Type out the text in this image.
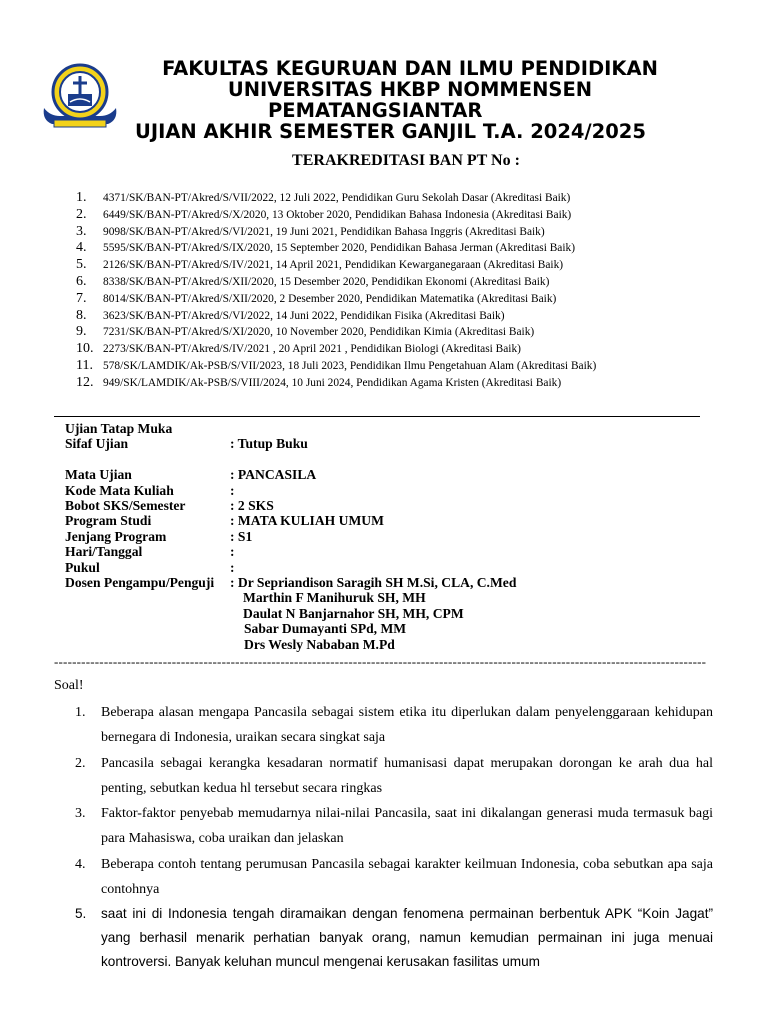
FAKULTAS KEGURUAN DAN ILMU PENDIDIKAN
UNIVERSITAS HKBP NOMMENSEN
PEMATANGSIANTAR
UJIAN AKHIR SEMESTER GANJIL T.A. 2024/2025
TERAKREDITASI BAN PT No :
1.	4371/SK/BAN-PT/Akred/S/VII/2022, 12 Juli 2022, Pendidikan Guru Sekolah Dasar (Akreditasi Baik)
2.	6449/SK/BAN-PT/Akred/S/X/2020, 13 Oktober 2020, Pendidikan Bahasa Indonesia (Akreditasi Baik)
3.	9098/SK/BAN-PT/Akred/S/VI/2021, 19 Juni 2021, Pendidikan Bahasa Inggris (Akreditasi Baik)
4.	5595/SK/BAN-PT/Akred/S/IX/2020, 15 September 2020, Pendidikan Bahasa Jerman (Akreditasi Baik)
5.	2126/SK/BAN-PT/Akred/S/IV/2021, 14 April 2021, Pendidikan Kewarganegaraan (Akreditasi Baik)
6.	8338/SK/BAN-PT/Akred/S/XII/2020, 15 Desember 2020, Pendidikan Ekonomi (Akreditasi Baik)
7.	8014/SK/BAN-PT/Akred/S/XII/2020, 2 Desember 2020, Pendidikan Matematika (Akreditasi Baik)
8.	3623/SK/BAN-PT/Akred/S/VI/2022, 14 Juni 2022, Pendidikan Fisika (Akreditasi Baik)
9.	7231/SK/BAN-PT/Akred/S/XI/2020, 10 November 2020, Pendidikan Kimia (Akreditasi Baik)
10. 2273/SK/BAN-PT/Akred/S/IV/2021 , 20 April 2021 , Pendidikan Biologi (Akreditasi Baik)
11. 578/SK/LAMDIK/Ak-PSB/S/VII/2023, 18 Juli 2023, Pendidikan Ilmu Pengetahuan Alam (Akreditasi Baik)
12. 949/SK/LAMDIK/Ak-PSB/S/VIII/2024, 10 Juni 2024, Pendidikan Agama Kristen (Akreditasi Baik)
Ujian Tatap Muka
Sifaf Ujian	: Tutup Buku
Mata Ujian	: PANCASILA
Kode Mata Kuliah	:
Bobot SKS/Semester	: 2 SKS
Program Studi	: MATA KULIAH UMUM
Jenjang Program	: S1
Hari/Tanggal	:
Pukul	:
Dosen Pengampu/Penguji	: Dr Sepriandison Saragih SH M.Si, CLA, C.Med
Marthin F Manihuruk SH, MH
Daulat N Banjarnahor SH, MH, CPM
Sabar Dumayanti SPd, MM
Drs Wesly Nababan M.Pd
------------------------------------------------------------------------------------------------------------------------------------------------
Soal!
1.	Beberapa alasan mengapa Pancasila sebagai sistem etika itu diperlukan dalam penyelenggaraan kehidupan bernegara di Indonesia, uraikan secara singkat saja
2.	Pancasila sebagai kerangka kesadaran normatif humanisasi dapat merupakan dorongan ke arah dua hal penting, sebutkan kedua hl tersebut secara ringkas
3.	Faktor-faktor penyebab memudarnya nilai-nilai Pancasila, saat ini dikalangan generasi muda termasuk bagi para Mahasiswa, coba uraikan dan jelaskan
4.	Beberapa contoh tentang perumusan Pancasila sebagai karakter keilmuan Indonesia, coba sebutkan apa saja contohnya
5.	saat ini di Indonesia tengah diramaikan dengan fenomena permainan berbentuk APK “Koin Jagat” yang berhasil menarik perhatian banyak orang, namun kemudian permainan ini juga menuai kontroversi. Banyak keluhan muncul mengenai kerusakan fasilitas umum
